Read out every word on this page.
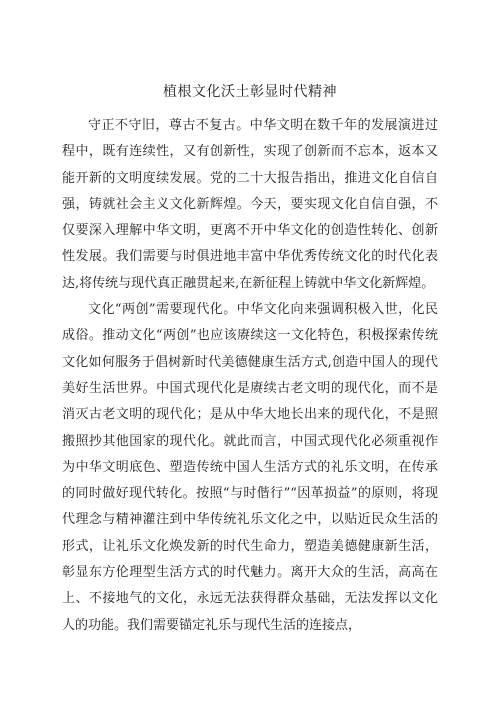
植根文化沃土彰显时代精神

守正不守旧，尊古不复古。中华文明在数千年的发展演进过程中，既有连续性，又有创新性，实现了创新而不忘本，返本又能开新的文明度续发展。党的二十大报告指出，推进文化自信自强，铸就社会主义文化新辉煌。今天，要实现文化自信自强，不仅要深入理解中华文明，更离不开中华文化的创造性转化、创新性发展。我们需要与时俱进地丰富中华优秀传统文化的时代化表达,将传统与现代真正融贯起来,在新征程上铸就中华文化新辉煌。

文化“两创”需要现代化。中华文化向来强调积极入世，化民成俗。推动文化“两创”也应该赓续这一文化特色，积极探索传统文化如何服务于倡树新时代美德健康生活方式,创造中国人的现代美好生活世界。中国式现代化是赓续古老文明的现代化，而不是消灭古老文明的现代化；是从中华大地长出来的现代化，不是照搬照抄其他国家的现代化。就此而言，中国式现代化必须重视作为中华文明底色、塑造传统中国人生活方式的礼乐文明，在传承的同时做好现代转化。按照“与时偕行”“因革损益”的原则，将现代理念与精神灌注到中华传统礼乐文化之中，以贴近民众生活的形式，让礼乐文化焕发新的时代生命力，塑造美德健康新生活，彰显东方伦理型生活方式的时代魅力。离开大众的生活，高高在上、不接地气的文化，永远无法获得群众基础，无法发挥以文化人的功能。我们需要锚定礼乐与现代生活的连接点，
